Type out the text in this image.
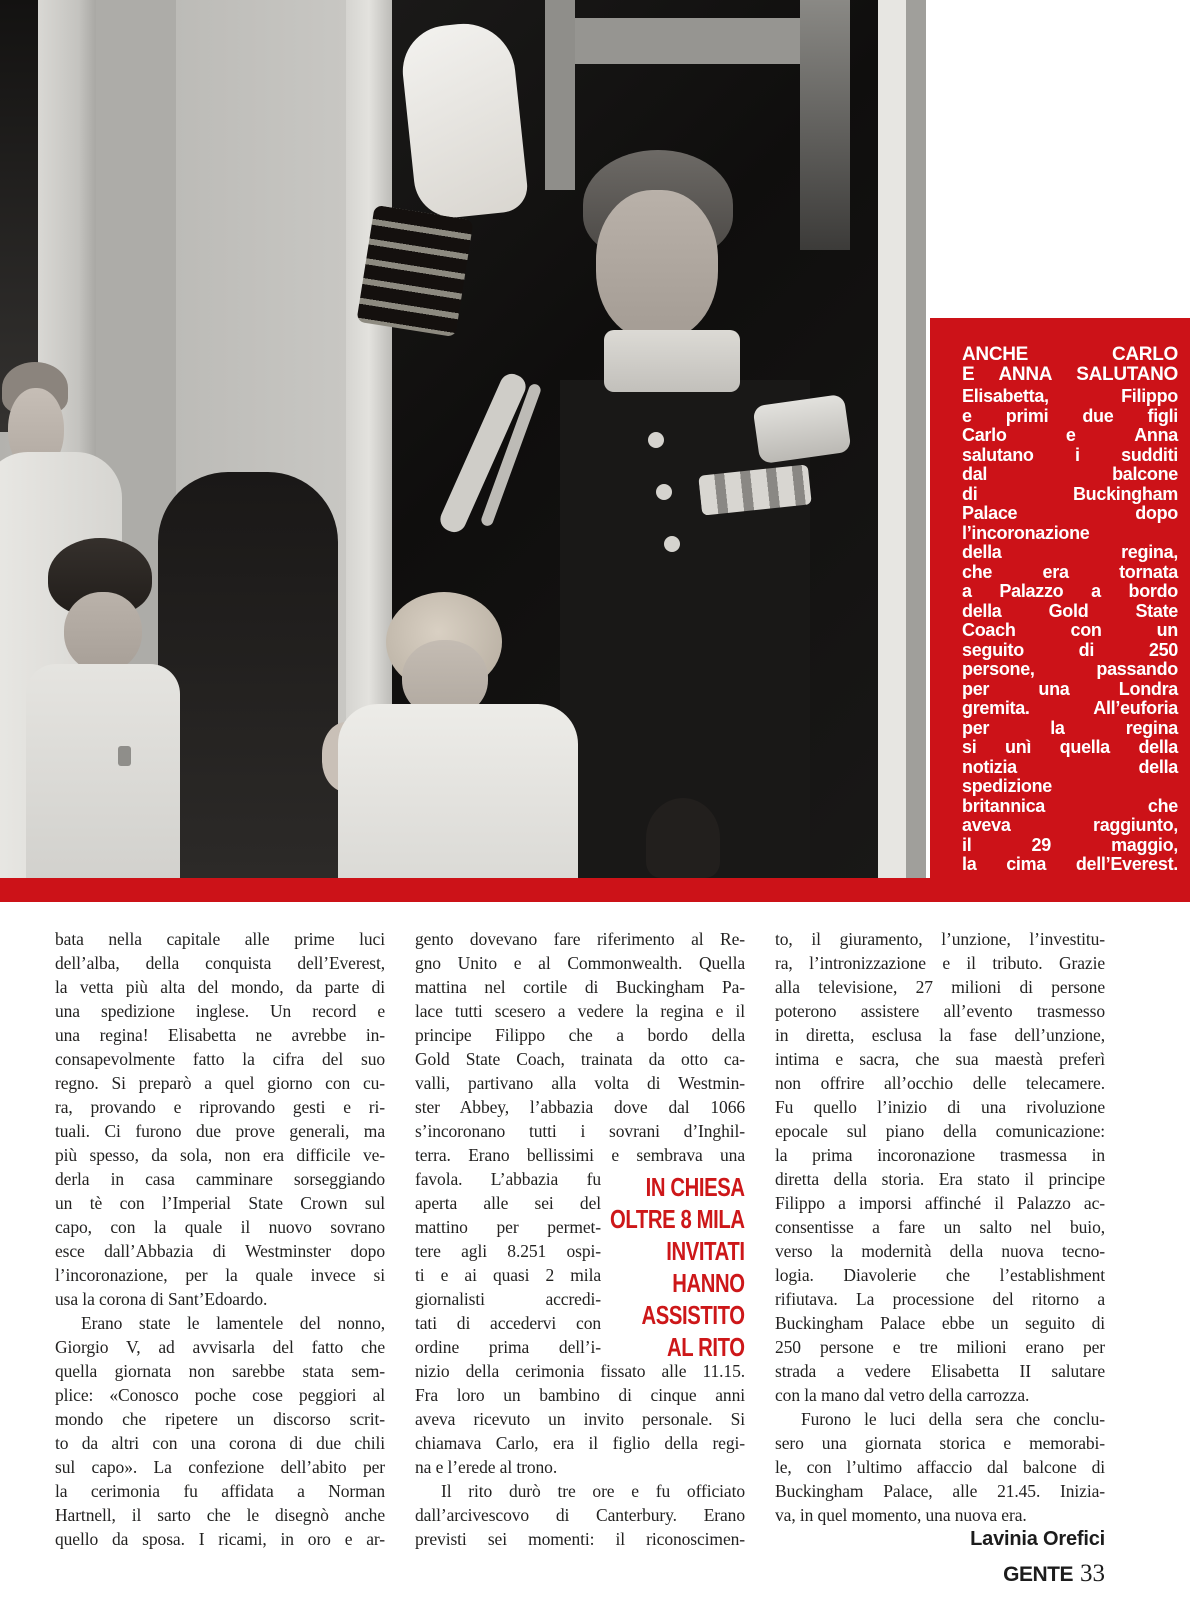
ANCHE CARLO
E ANNA SALUTANO
Elisabetta, Filippo
e primi due figli
Carlo e Anna
salutano i sudditi
dal balcone
di Buckingham
Palace dopo
l’incoronazione
della regina,
che era tornata
a Palazzo a bordo
della Gold State
Coach con un
seguito di 250
persone, passando
per una Londra
gremita. All’euforia
per la regina
si unì quella della
notizia della
spedizione
britannica che
aveva raggiunto,
il 29 maggio,
la cima dell’Everest.
bata nella capitale alle prime luci
dell’alba, della conquista dell’Everest,
la vetta più alta del mondo, da parte di
una spedizione inglese. Un record e
una regina! Elisabetta ne avrebbe in-
consapevolmente fatto la cifra del suo
regno. Si preparò a quel giorno con cu-
ra, provando e riprovando gesti e ri-
tuali. Ci furono due prove generali, ma
più spesso, da sola, non era difficile ve-
derla in casa camminare sorseggiando
un tè con l’Imperial State Crown sul
capo, con la quale il nuovo sovrano
esce dall’Abbazia di Westminster dopo
l’incoronazione, per la quale invece si
usa la corona di Sant’Edoardo.
Erano state le lamentele del nonno,
Giorgio V, ad avvisarla del fatto che
quella giornata non sarebbe stata sem-
plice: «Conosco poche cose peggiori al
mondo che ripetere un discorso scrit-
to da altri con una corona di due chili
sul capo». La confezione dell’abito per
la cerimonia fu affidata a Norman
Hartnell, il sarto che le disegnò anche
quello da sposa. I ricami, in oro e ar-
gento dovevano fare riferimento al Re-
gno Unito e al Commonwealth. Quella
mattina nel cortile di Buckingham Pa-
lace tutti scesero a vedere la regina e il
principe Filippo che a bordo della
Gold State Coach, trainata da otto ca-
valli, partivano alla volta di Westmin-
ster Abbey, l’abbazia dove dal 1066
s’incoronano tutti i sovrani d’Inghil-
terra. Erano bellissimi e sembrava una
favola. L’abbazia fu
aperta alle sei del
mattino per permet-
tere agli 8.251 ospi-
ti e ai quasi 2 mila
giornalisti accredi-
tati di accedervi con
ordine prima dell’i-
nizio della cerimonia fissato alle 11.15.
Fra loro un bambino di cinque anni
aveva ricevuto un invito personale. Si
chiamava Carlo, era il figlio della regi-
na e l’erede al trono.
Il rito durò tre ore e fu officiato
dall’arcivescovo di Canterbury. Erano
previsti sei momenti: il riconoscimen-
IN CHIESA
OLTRE 8 MILA
INVITATI
HANNO
ASSISTITO
AL RITO
to, il giuramento, l’unzione, l’investitu-
ra, l’intronizzazione e il tributo. Grazie
alla televisione, 27 milioni di persone
poterono assistere all’evento trasmesso
in diretta, esclusa la fase dell’unzione,
intima e sacra, che sua maestà preferì
non offrire all’occhio delle telecamere.
Fu quello l’inizio di una rivoluzione
epocale sul piano della comunicazione:
la prima incoronazione trasmessa in
diretta della storia. Era stato il principe
Filippo a imporsi affinché il Palazzo ac-
consentisse a fare un salto nel buio,
verso la modernità della nuova tecno-
logia. Diavolerie che l’establishment
rifiutava. La processione del ritorno a
Buckingham Palace ebbe un seguito di
250 persone e tre milioni erano per
strada a vedere Elisabetta II salutare
con la mano dal vetro della carrozza.
Furono le luci della sera che conclu-
sero una giornata storica e memorabi-
le, con l’ultimo affaccio dal balcone di
Buckingham Palace, alle 21.45. Inizia-
va, in quel momento, una nuova era.
Lavinia Orefici
GENTE 33
